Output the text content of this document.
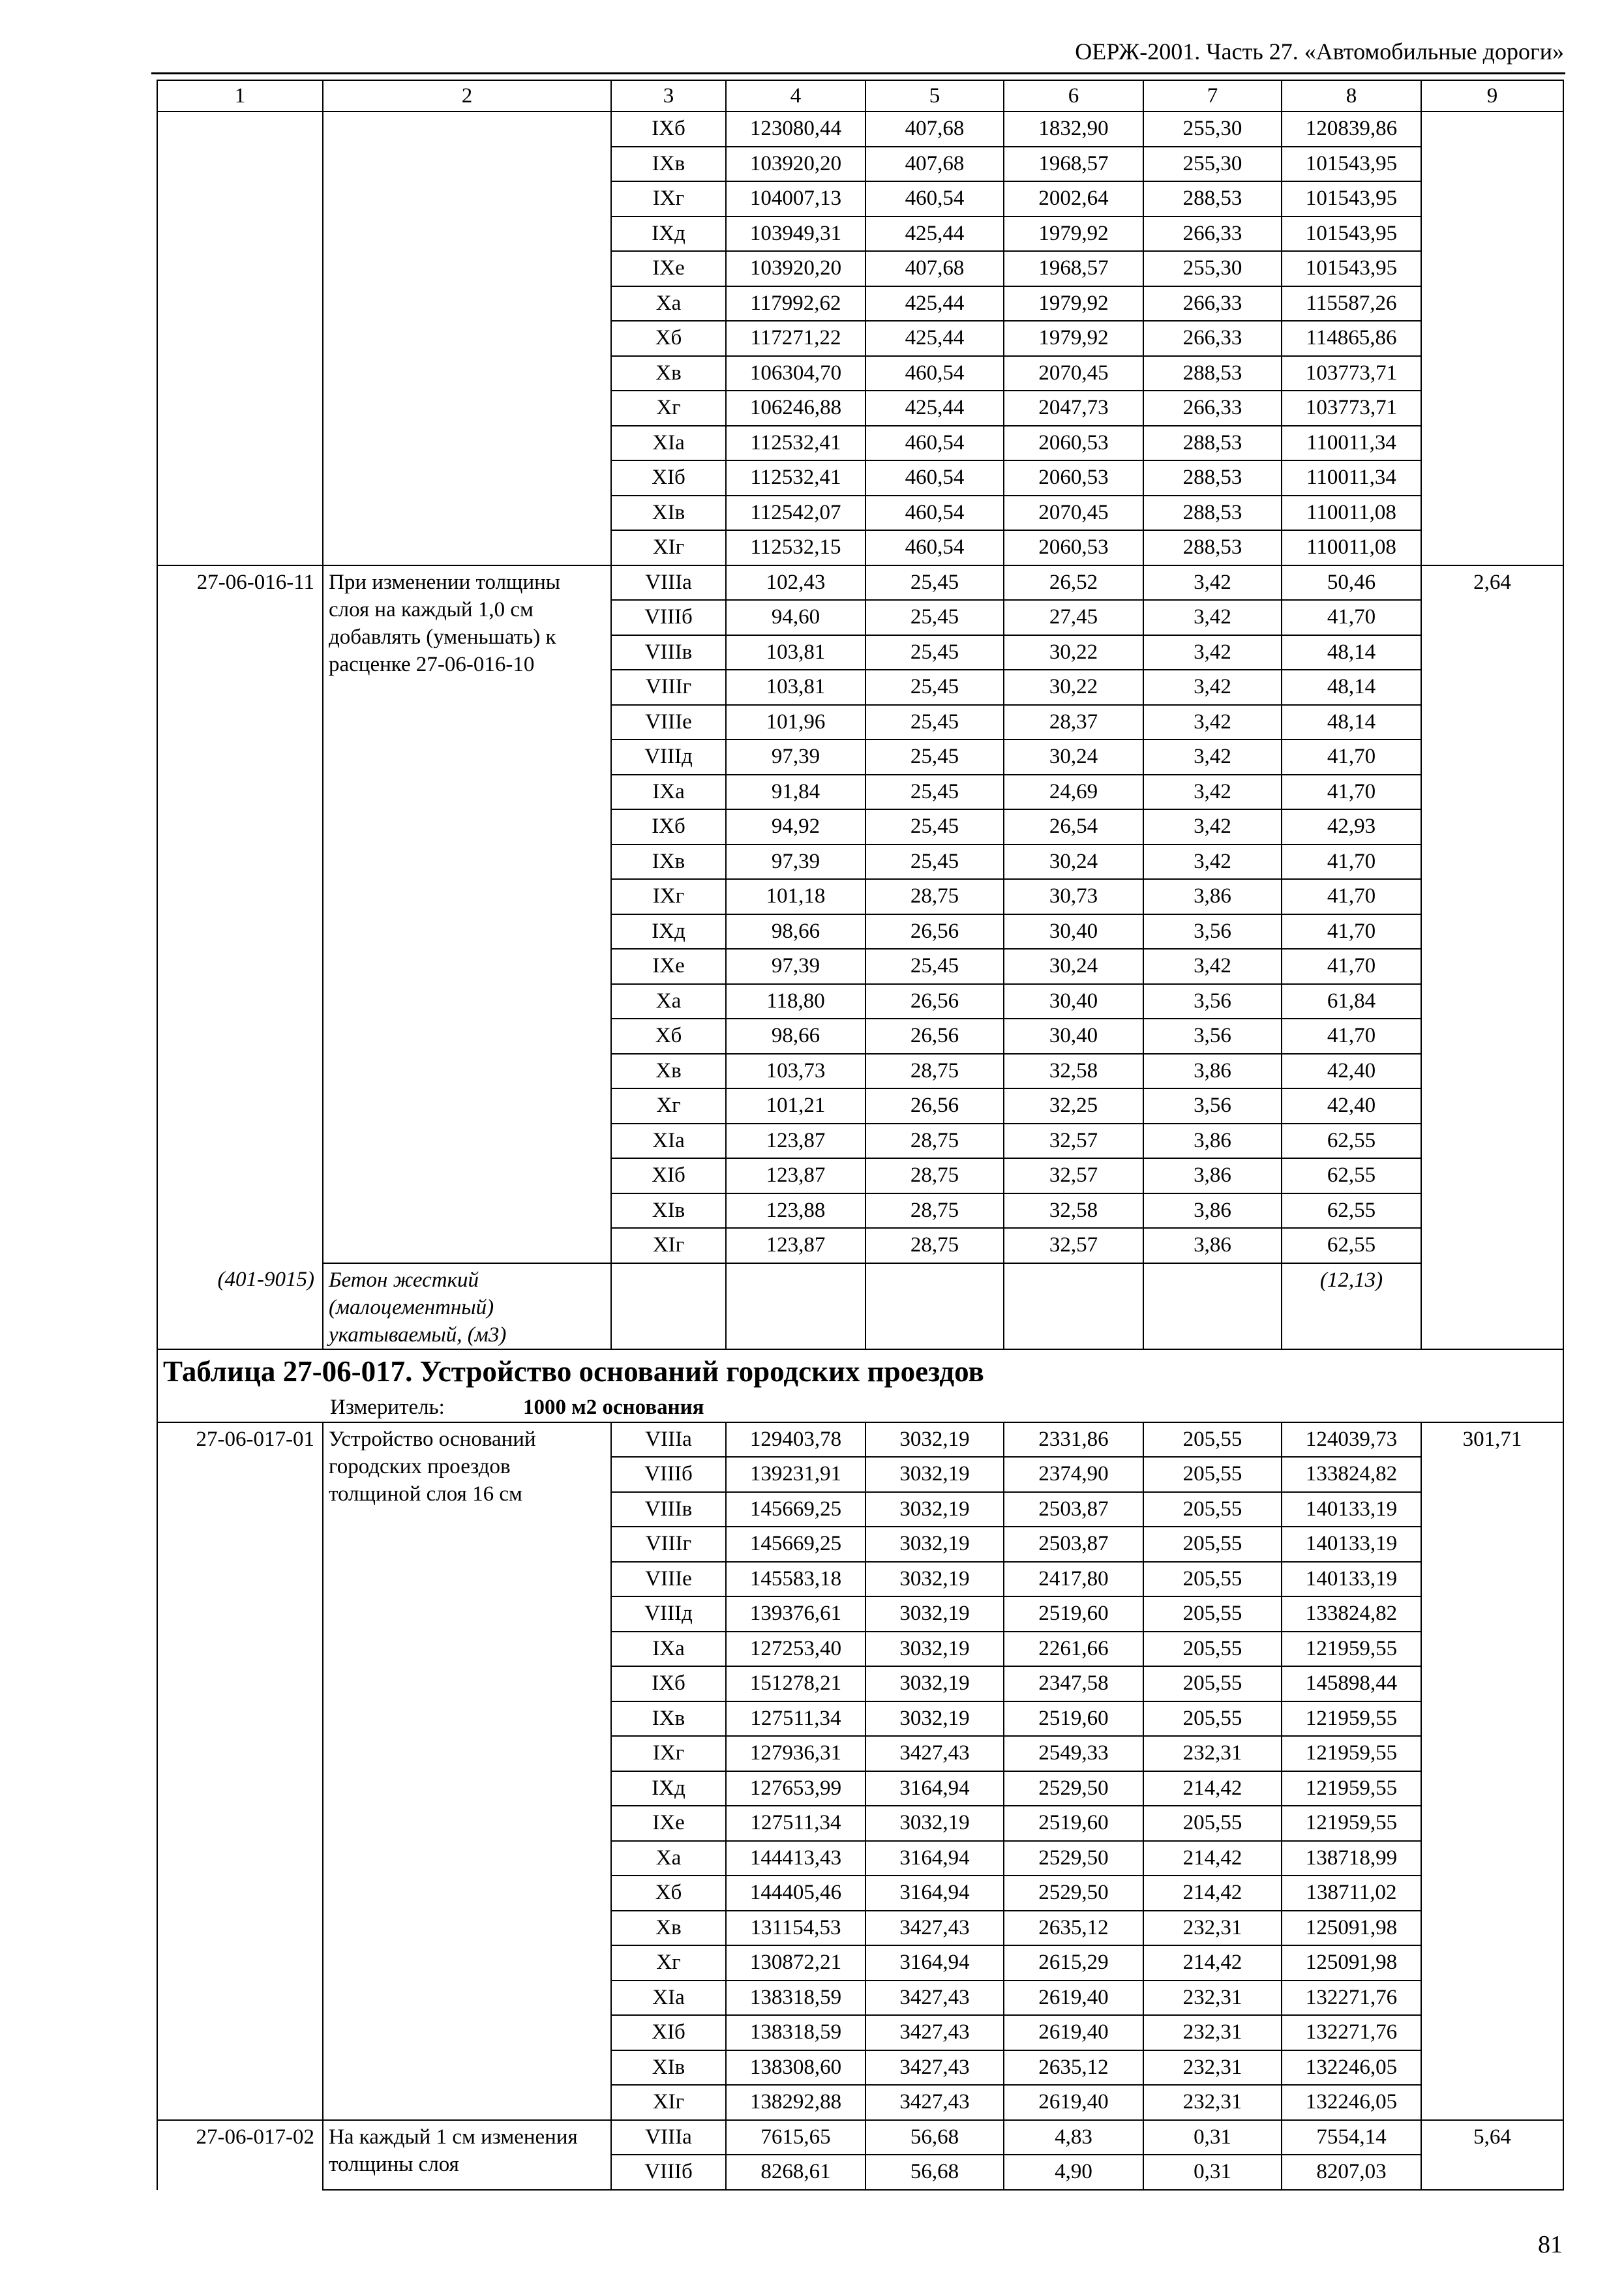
ОЕРЖ-2001. Часть 27. «Автомобильные дороги»
1	2	3	4	5	6	7	8	9
		IXб	123080,44	407,68	1832,90	255,30	120839,86	
		IXв	103920,20	407,68	1968,57	255,30	101543,95	
		IXг	104007,13	460,54	2002,64	288,53	101543,95	
		IXд	103949,31	425,44	1979,92	266,33	101543,95	
		IXе	103920,20	407,68	1968,57	255,30	101543,95	
		Xа	117992,62	425,44	1979,92	266,33	115587,26	
		Xб	117271,22	425,44	1979,92	266,33	114865,86	
		Xв	106304,70	460,54	2070,45	288,53	103773,71	
		Xг	106246,88	425,44	2047,73	266,33	103773,71	
		XIа	112532,41	460,54	2060,53	288,53	110011,34	
		XIб	112532,41	460,54	2060,53	288,53	110011,34	
		XIв	112542,07	460,54	2070,45	288,53	110011,08	
		XIг	112532,15	460,54	2060,53	288,53	110011,08	
27-06-016-11	При изменении толщины слоя на каждый 1,0 см добавлять (уменьшать) к расценке 27-06-016-10	VIIIа	102,43	25,45	26,52	3,42	50,46	2,64
		VIIIб	94,60	25,45	27,45	3,42	41,70	
		VIIIв	103,81	25,45	30,22	3,42	48,14	
		VIIIг	103,81	25,45	30,22	3,42	48,14	
		VIIIе	101,96	25,45	28,37	3,42	48,14	
		VIIIд	97,39	25,45	30,24	3,42	41,70	
		IXа	91,84	25,45	24,69	3,42	41,70	
		IXб	94,92	25,45	26,54	3,42	42,93	
		IXв	97,39	25,45	30,24	3,42	41,70	
		IXг	101,18	28,75	30,73	3,86	41,70	
		IXд	98,66	26,56	30,40	3,56	41,70	
		IXе	97,39	25,45	30,24	3,42	41,70	
		Xа	118,80	26,56	30,40	3,56	61,84	
		Xб	98,66	26,56	30,40	3,56	41,70	
		Xв	103,73	28,75	32,58	3,86	42,40	
		Xг	101,21	26,56	32,25	3,56	42,40	
		XIа	123,87	28,75	32,57	3,86	62,55	
		XIб	123,87	28,75	32,57	3,86	62,55	
		XIв	123,88	28,75	32,58	3,86	62,55	
		XIг	123,87	28,75	32,57	3,86	62,55	
(401-9015)	Бетон жесткий (малоцементный) укатываемый, (м3)						(12,13)	
Таблица 27-06-017. Устройство оснований городских проездов								
Измеритель: 1000 м2 основания								
27-06-017-01	Устройство оснований городских проездов толщиной слоя 16 см	VIIIа	129403,78	3032,19	2331,86	205,55	124039,73	301,71
		VIIIб	139231,91	3032,19	2374,90	205,55	133824,82	
		VIIIв	145669,25	3032,19	2503,87	205,55	140133,19	
		VIIIг	145669,25	3032,19	2503,87	205,55	140133,19	
		VIIIе	145583,18	3032,19	2417,80	205,55	140133,19	
		VIIIд	139376,61	3032,19	2519,60	205,55	133824,82	
		IXа	127253,40	3032,19	2261,66	205,55	121959,55	
		IXб	151278,21	3032,19	2347,58	205,55	145898,44	
		IXв	127511,34	3032,19	2519,60	205,55	121959,55	
		IXг	127936,31	3427,43	2549,33	232,31	121959,55	
		IXд	127653,99	3164,94	2529,50	214,42	121959,55	
		IXе	127511,34	3032,19	2519,60	205,55	121959,55	
		Xа	144413,43	3164,94	2529,50	214,42	138718,99	
		Xб	144405,46	3164,94	2529,50	214,42	138711,02	
		Xв	131154,53	3427,43	2635,12	232,31	125091,98	
		Xг	130872,21	3164,94	2615,29	214,42	125091,98	
		XIа	138318,59	3427,43	2619,40	232,31	132271,76	
		XIб	138318,59	3427,43	2619,40	232,31	132271,76	
		XIв	138308,60	3427,43	2635,12	232,31	132246,05	
		XIг	138292,88	3427,43	2619,40	232,31	132246,05	
27-06-017-02	На каждый 1 см изменения толщины слоя	VIIIа	7615,65	56,68	4,83	0,31	7554,14	5,64
		VIIIб	8268,61	56,68	4,90	0,31	8207,03	
81
